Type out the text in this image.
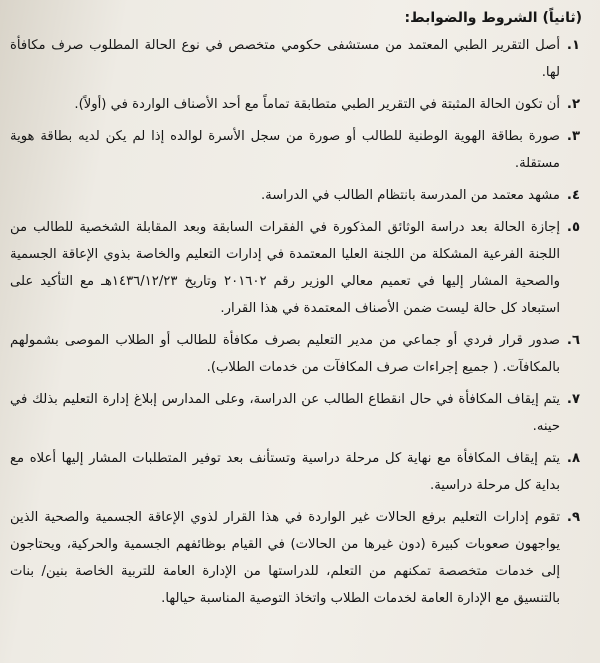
(ثانياً) الشروط والضوابط:
١.
أصل التقرير الطبي المعتمد من مستشفى حكومي متخصص في نوع الحالة المطلوب صرف مكافأة لها.
٢.
أن تكون الحالة المثبتة في التقرير الطبي متطابقة تماماً مع أحد الأصناف الواردة في (أولاً).
٣.
صورة بطاقة الهوية الوطنية للطالب أو صورة من سجل الأسرة لوالده إذا لم يكن لديه بطاقة هوية مستقلة.
٤.
مشهد معتمد من المدرسة بانتظام الطالب في الدراسة.
٥.
إجازة الحالة بعد دراسة الوثائق المذكورة في الفقرات السابقة وبعد المقابلة الشخصية للطالب من اللجنة الفرعية المشكلة من اللجنة العليا المعتمدة في إدارات التعليم والخاصة بذوي الإعاقة الجسمية والصحية المشار إليها في تعميم معالي الوزير رقم ٢٠١٦٠٢ وتاريخ ١٤٣٦/١٢/٢٣هـ مع التأكيد على استبعاد كل حالة ليست ضمن الأصناف المعتمدة في هذا القرار.
٦.
صدور قرار فردي أو جماعي من مدير التعليم بصرف مكافأة للطالب أو الطلاب الموصى بشمولهم بالمكافآت. ( جميع إجراءات صرف المكافآت من خدمات الطلاب).
٧.
يتم إيقاف المكافأة في حال انقطاع الطالب عن الدراسة، وعلى المدارس إبلاغ إدارة التعليم بذلك في حينه.
٨.
يتم إيقاف المكافأة مع نهاية كل مرحلة دراسية وتستأنف بعد توفير المتطلبات المشار إليها أعلاه مع بداية كل مرحلة دراسية.
٩.
تقوم إدارات التعليم برفع الحالات غير الواردة في هذا القرار لذوي الإعاقة الجسمية والصحية الذين يواجهون صعوبات كبيرة (دون غيرها من الحالات) في القيام بوظائفهم الجسمية والحركية، ويحتاجون إلى خدمات متخصصة تمكنهم من التعلم، للدراستها من الإدارة العامة للتربية الخاصة بنين/ بنات بالتنسيق مع الإدارة العامة لخدمات الطلاب واتخاذ التوصية المناسبة حيالها.
